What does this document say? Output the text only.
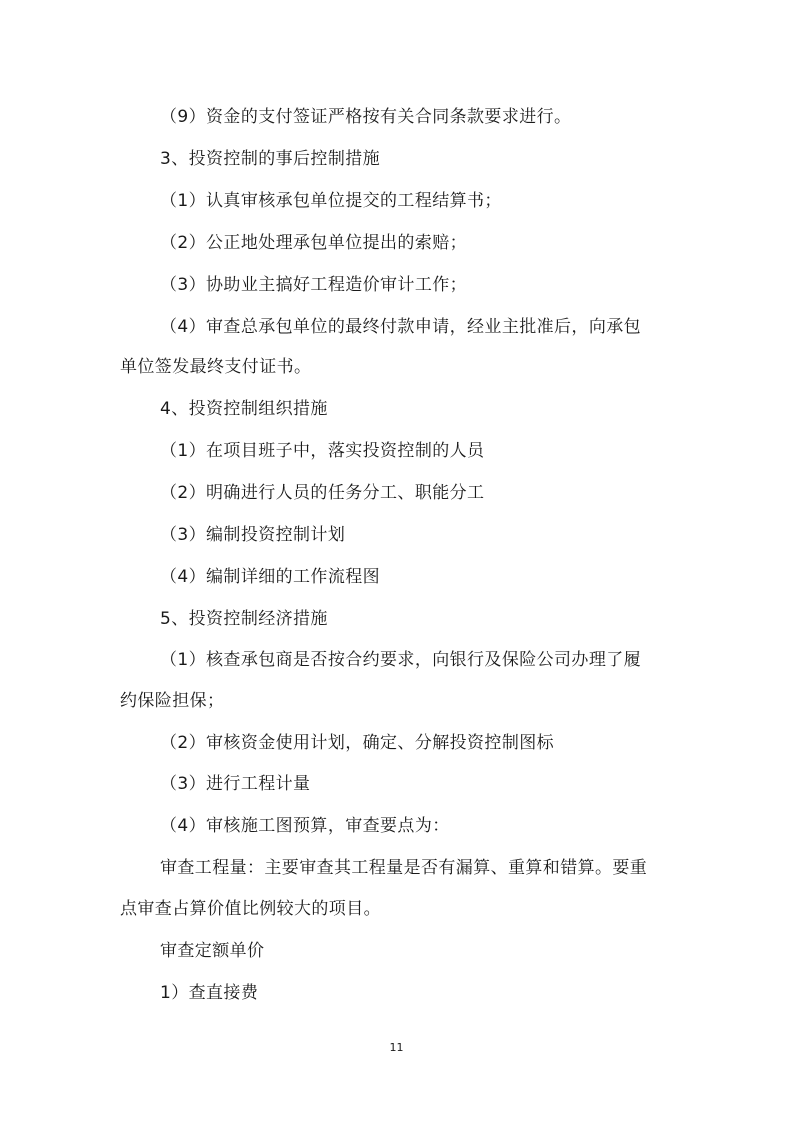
（9）资金的支付签证严格按有关合同条款要求进行。
3、投资控制的事后控制措施
（1）认真审核承包单位提交的工程结算书；
（2）公正地处理承包单位提出的索赔；
（3）协助业主搞好工程造价审计工作；
（4）审查总承包单位的最终付款申请，经业主批准后，向承包
单位签发最终支付证书。
4、投资控制组织措施
（1）在项目班子中，落实投资控制的人员
（2）明确进行人员的任务分工、职能分工
（3）编制投资控制计划
（4）编制详细的工作流程图
5、投资控制经济措施
（1）核查承包商是否按合约要求，向银行及保险公司办理了履
约保险担保；
（2）审核资金使用计划，确定、分解投资控制图标
（3）进行工程计量
（4）审核施工图预算，审查要点为：
审查工程量：主要审查其工程量是否有漏算、重算和错算。要重
点审查占算价值比例较大的项目。
审查定额单价
1）查直接费
11
